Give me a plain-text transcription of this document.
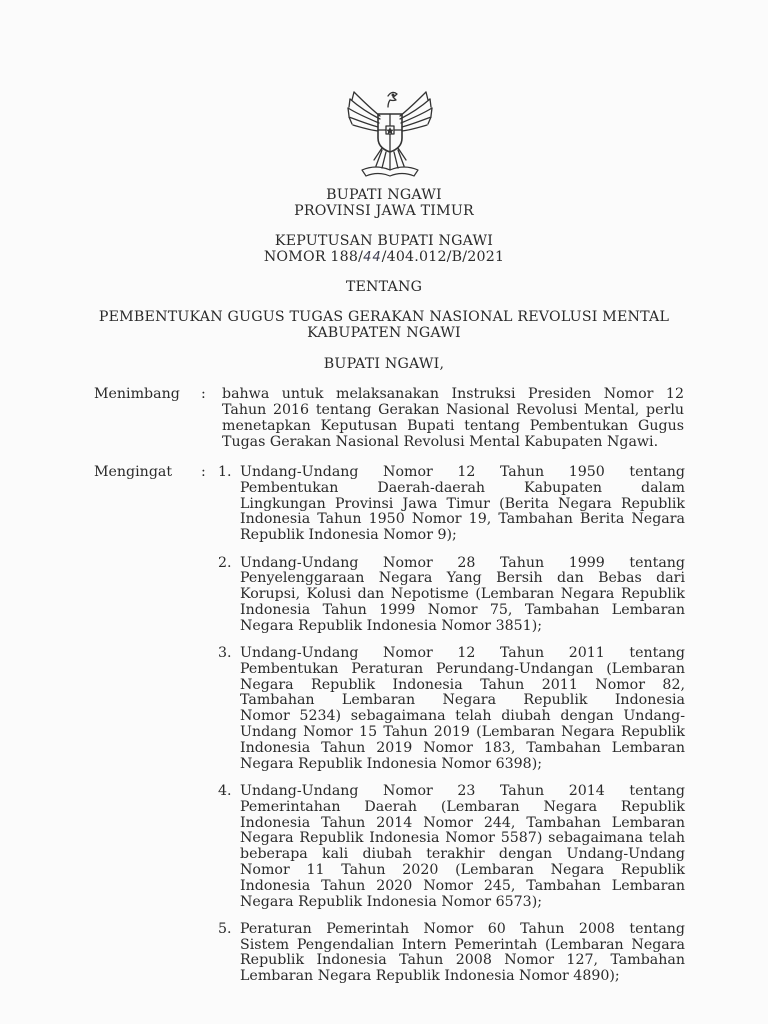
BUPATI NGAWI
PROVINSI JAWA TIMUR
KEPUTUSAN BUPATI NGAWI
NOMOR 188/44/404.012/B/2021
TENTANG
PEMBENTUKAN GUGUS TUGAS GERAKAN NASIONAL REVOLUSI MENTAL
KABUPATEN NGAWI
BUPATI NGAWI,
Menimbang : bahwa untuk melaksanakan Instruksi Presiden Nomor 12
Tahun 2016 tentang Gerakan Nasional Revolusi Mental, perlu
menetapkan Keputusan Bupati tentang Pembentukan Gugus
Tugas Gerakan Nasional Revolusi Mental Kabupaten Ngawi.
Mengingat : 1. Undang-Undang Nomor 12 Tahun 1950 tentang
Pembentukan Daerah-daerah Kabupaten dalam
Lingkungan Provinsi Jawa Timur (Berita Negara Republik
Indonesia Tahun 1950 Nomor 19, Tambahan Berita Negara
Republik Indonesia Nomor 9);
2. Undang-Undang Nomor 28 Tahun 1999 tentang
Penyelenggaraan Negara Yang Bersih dan Bebas dari
Korupsi, Kolusi dan Nepotisme (Lembaran Negara Republik
Indonesia Tahun 1999 Nomor 75, Tambahan Lembaran
Negara Republik Indonesia Nomor 3851);
3. Undang-Undang Nomor 12 Tahun 2011 tentang
Pembentukan Peraturan Perundang-Undangan (Lembaran
Negara Republik Indonesia Tahun 2011 Nomor 82,
Tambahan Lembaran Negara Republik Indonesia
Nomor 5234) sebagaimana telah diubah dengan Undang-
Undang Nomor 15 Tahun 2019 (Lembaran Negara Republik
Indonesia Tahun 2019 Nomor 183, Tambahan Lembaran
Negara Republik Indonesia Nomor 6398);
4. Undang-Undang Nomor 23 Tahun 2014 tentang
Pemerintahan Daerah (Lembaran Negara Republik
Indonesia Tahun 2014 Nomor 244, Tambahan Lembaran
Negara Republik Indonesia Nomor 5587) sebagaimana telah
beberapa kali diubah terakhir dengan Undang-Undang
Nomor 11 Tahun 2020 (Lembaran Negara Republik
Indonesia Tahun 2020 Nomor 245, Tambahan Lembaran
Negara Republik Indonesia Nomor 6573);
5. Peraturan Pemerintah Nomor 60 Tahun 2008 tentang
Sistem Pengendalian Intern Pemerintah (Lembaran Negara
Republik Indonesia Tahun 2008 Nomor 127, Tambahan
Lembaran Negara Republik Indonesia Nomor 4890);
